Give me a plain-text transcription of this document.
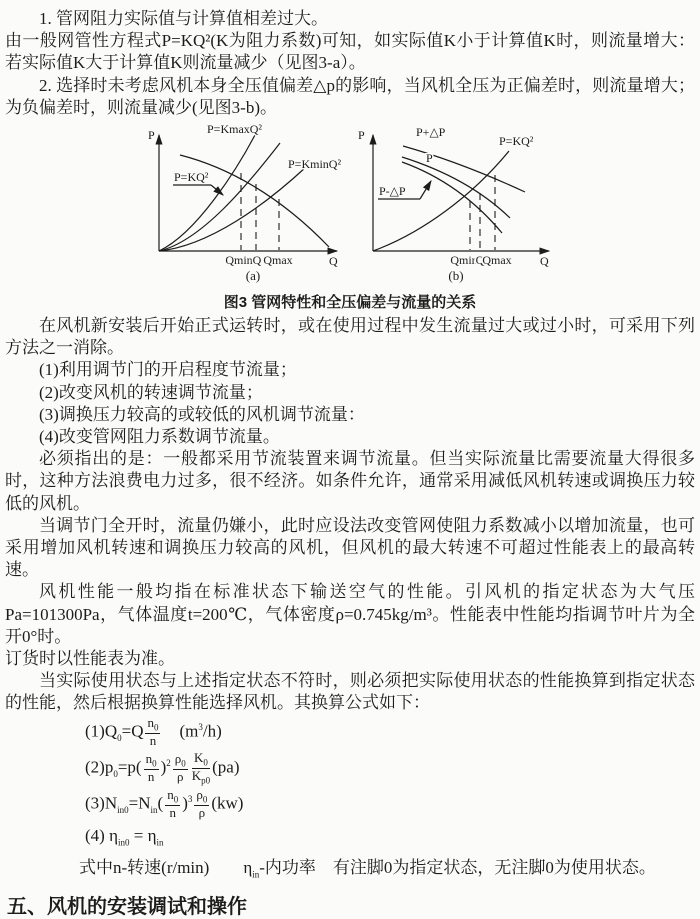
1. 管网阻力实际值与计算值相差过大。

由一般网管性方程式P=KQ²(K为阻力系数)可知，如实际值K小于计算值K时，则流量增大：若实际值K大于计算值K则流量减少（见图3-a）。

2. 选择时未考虑风机本身全压值偏差△p的影响，当风机全压为正偏差时，则流量增大；为负偏差时，则流量减少(见图3-b)。

P
Q
P=KmaxQ²
P=KminQ²
P=KQ²
Qmin Q Qmax
(a)
P
Q
P+△P
P
P-△P
P=KQ²
Qmin
Q
Qmax
(b)
图3 管网特性和全压偏差与流量的关系

在风机新安装后开始正式运转时，或在使用过程中发生流量过大或过小时，可采用下列方法之一消除。

(1)利用调节门的开启程度节流量；

(2)改变风机的转速调节流量；

(3)调换压力较高的或较低的风机调节流量：

(4)改变管网阻力系数调节流量。

必须指出的是：一般都采用节流装置来调节流量。但当实际流量比需要流量大得很多时，这种方法浪费电力过多，很不经济。如条件允许，通常采用减低风机转速或调换压力较低的风机。

当调节门全开时，流量仍嫌小，此时应设法改变管网使阻力系数减小以增加流量，也可采用增加风机转速和调换压力较高的风机，但风机的最大转速不可超过性能表上的最高转速。

风机性能一般均指在标准状态下输送空气的性能。引风机的指定状态为大气压Pa=101300Pa，气体温度t=200℃，气体密度ρ=0.745kg/m³。性能表中性能均指调节叶片为全开0°时。

订货时以性能表为准。

当实际使用状态与上述指定状态不符时，则必须把实际使用状态的性能换算到指定状态的性能，然后根据换算性能选择风机。其换算公式如下：

$(1)Q_0=Q \frac{n_0}{n}$ 　$(m^3/h)$
$(2)p_0=p( \frac{n_0}{n} )^2 \frac{\rho_0}{\rho} \frac{K_0}{K_{p0}} (pa)$
$(3)N_{in0}=N_{in}( \frac{n_0}{n} )^3 \frac{\rho_0}{\rho} (kw)$
(4) $\eta_{in0} = \eta_{in}$
式中n-转速(r/min)　　$\eta_{in}-$内功率　有注脚0为指定状态，无注脚0为使用状态。
五、风机的安装调试和操作
